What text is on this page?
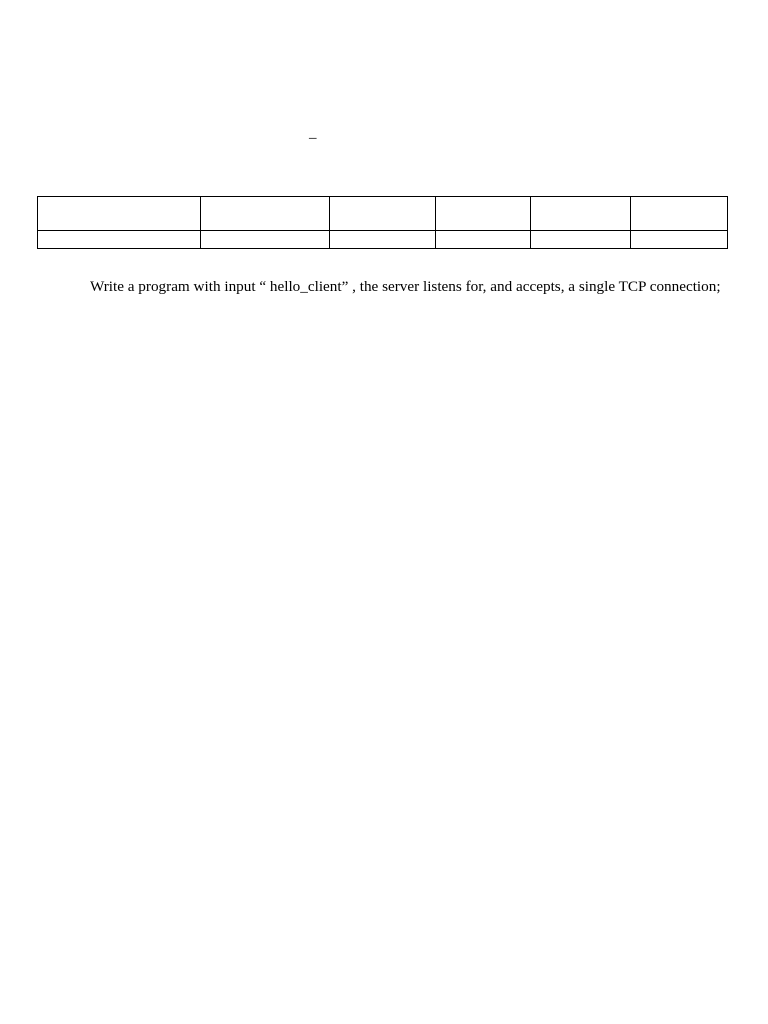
–

Write a program with input “ hello_client” , the server listens for, and accepts, a single TCP connection;
